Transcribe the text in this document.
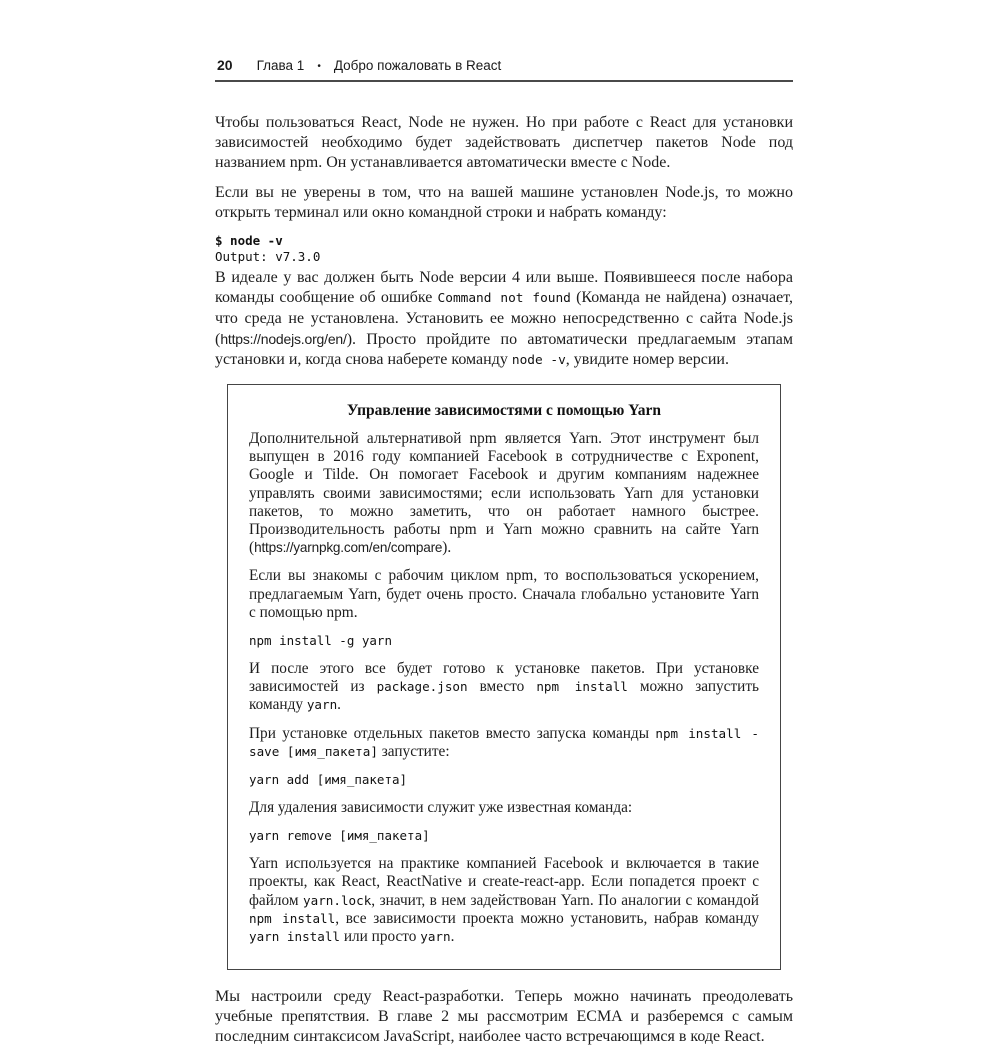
20 Глава 1 • Добро пожаловать в React

Чтобы пользоваться React, Node не нужен. Но при работе с React для установки зависимостей необходимо будет задействовать диспетчер пакетов Node под названием npm. Он устанавливается автоматически вместе с Node.

Если вы не уверены в том, что на вашей машине установлен Node.js, то можно открыть терминал или окно командной строки и набрать команду:

$ node -v
Output: v7.3.0

В идеале у вас должен быть Node версии 4 или выше. Появившееся после набора команды сообщение об ошибке Command not found (Команда не найдена) означает, что среда не установлена. Установить ее можно непосредственно с сайта Node.js (https://nodejs.org/en/). Просто пройдите по автоматически предлагаемым этапам установки и, когда снова наберете команду node -v, увидите номер версии.

Управление зависимостями с помощью Yarn

Дополнительной альтернативой npm является Yarn. Этот инструмент был выпущен в 2016 году компанией Facebook в сотрудничестве с Exponent, Google и Tilde. Он помогает Facebook и другим компаниям надежнее управлять своими зависимостями; если использовать Yarn для установки пакетов, то можно заметить, что он работает намного быстрее. Производительность работы npm и Yarn можно сравнить на сайте Yarn (https://yarnpkg.com/en/compare).

Если вы знакомы с рабочим циклом npm, то воспользоваться ускорением, предлагаемым Yarn, будет очень просто. Сначала глобально установите Yarn с помощью npm.

npm install -g yarn

И после этого все будет готово к установке пакетов. При установке зависимостей из package.json вместо npm install можно запустить команду yarn.

При установке отдельных пакетов вместо запуска команды npm install -save [имя_пакета] запустите:

yarn add [имя_пакета]

Для удаления зависимости служит уже известная команда:

yarn remove [имя_пакета]

Yarn используется на практике компанией Facebook и включается в такие проекты, как React, ReactNative и create-react-app. Если попадется проект с файлом yarn.lock, значит, в нем задействован Yarn. По аналогии с командой npm install, все зависимости проекта можно установить, набрав команду yarn install или просто yarn.

Мы настроили среду React-разработки. Теперь можно начинать преодолевать учебные препятствия. В главе 2 мы рассмотрим ECMA и разберемся с самым последним синтаксисом JavaScript, наиболее часто встречающимся в коде React.
